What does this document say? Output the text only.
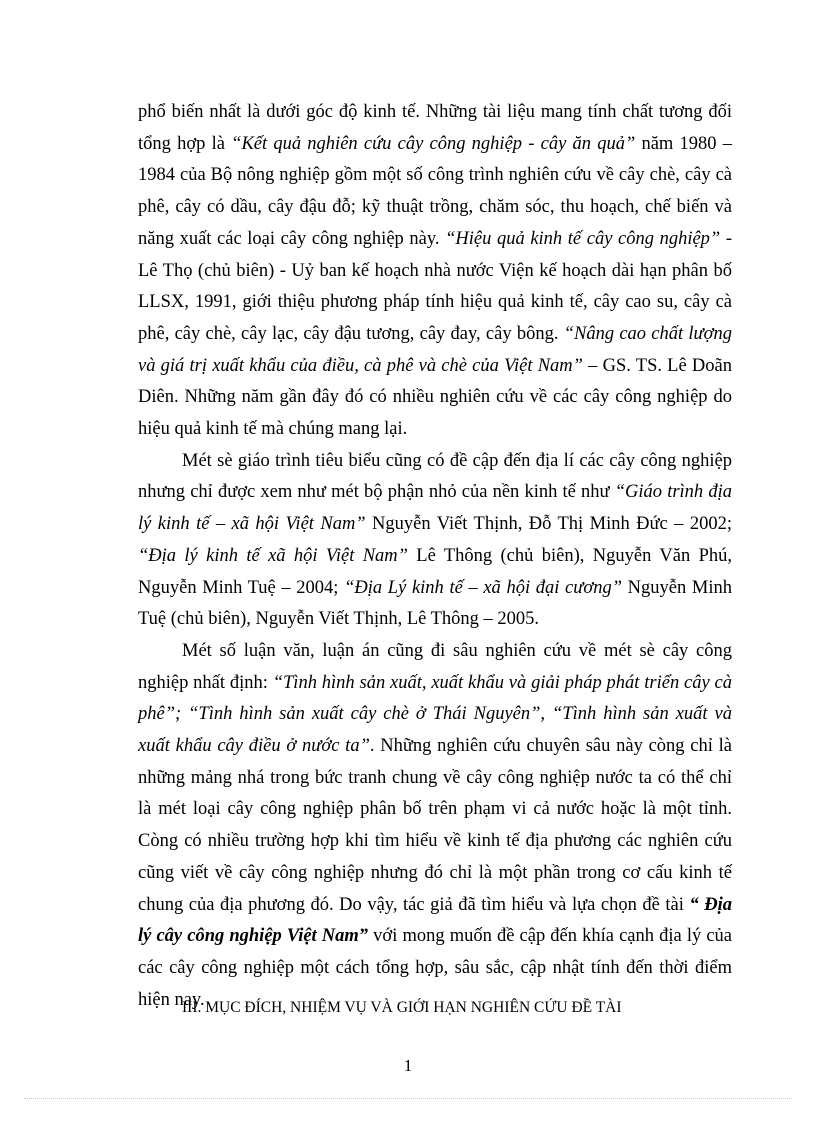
phổ biến nhất là dưới góc độ kinh tế. Những tài liệu mang tính chất tương đối tổng hợp là “Kết quả nghiên cứu cây công nghiệp - cây ăn quả” năm 1980 – 1984 của Bộ nông nghiệp gồm một số công trình nghiên cứu về cây chè, cây cà phê, cây có dầu, cây đậu đỗ; kỹ thuật trồng, chăm sóc, thu hoạch, chế biến và năng xuất các loại cây công nghiệp này. “Hiệu quả kinh tế cây công nghiệp” - Lê Thọ (chủ biên) - Uỷ ban kế hoạch nhà nước Viện kế hoạch dài hạn phân bố LLSX, 1991, giới thiệu phương pháp tính hiệu quả kinh tế, cây cao su, cây cà phê, cây chè, cây lạc, cây đậu tương, cây đay, cây bông. “Nâng cao chất lượng và giá trị xuất khẩu của điều, cà phê và chè của Việt Nam” – GS. TS. Lê Doãn Diên. Những năm gần đây đó có nhiều nghiên cứu về các cây công nghiệp do hiệu quả kinh tế mà chúng mang lại.

Mét sè giáo trình tiêu biểu cũng có đề cập đến địa lí các cây công nghiệp nhưng chỉ được xem như mét bộ phận nhỏ của nền kinh tế như “Giáo trình địa lý kinh tế – xã hội Việt Nam” Nguyễn Viết Thịnh, Đỗ Thị Minh Đức – 2002; “Địa lý kinh tế xã hội Việt Nam” Lê Thông (chủ biên), Nguyễn Văn Phú, Nguyễn Minh Tuệ – 2004; “Địa Lý kinh tế – xã hội đại cương” Nguyễn Minh Tuệ (chủ biên), Nguyễn Viết Thịnh, Lê Thông – 2005.

Mét số luận văn, luận án cũng đi sâu nghiên cứu về mét sè cây công nghiệp nhất định: “Tình hình sản xuất, xuất khẩu và giải pháp phát triển cây cà phê”; “Tình hình sản xuất cây chè ở Thái Nguyên”, “Tình hình sản xuất và xuất khẩu cây điều ở nước ta”. Những nghiên cứu chuyên sâu này còng chỉ là những mảng nhá trong bức tranh chung về cây công nghiệp nước ta có thể chỉ là mét loại cây công nghiệp phân bố trên phạm vi cả nước hoặc là một tỉnh. Còng có nhiều trường hợp khi tìm hiểu về kinh tế địa phương các nghiên cứu cũng viết về cây công nghiệp nhưng đó chỉ là một phần trong cơ cấu kinh tế chung của địa phương đó. Do vậy, tác giả đã tìm hiểu và lựa chọn đề tài “ Địa lý cây công nghiệp Việt Nam” với mong muốn đề cập đến khía cạnh địa lý của các cây công nghiệp một cách tổng hợp, sâu sắc, cập nhật tính đến thời điểm hiện nay.

III. MỤC ĐÍCH, NHIỆM VỤ VÀ GIỚI HẠN NGHIÊN CỨU ĐỀ TÀI
1
